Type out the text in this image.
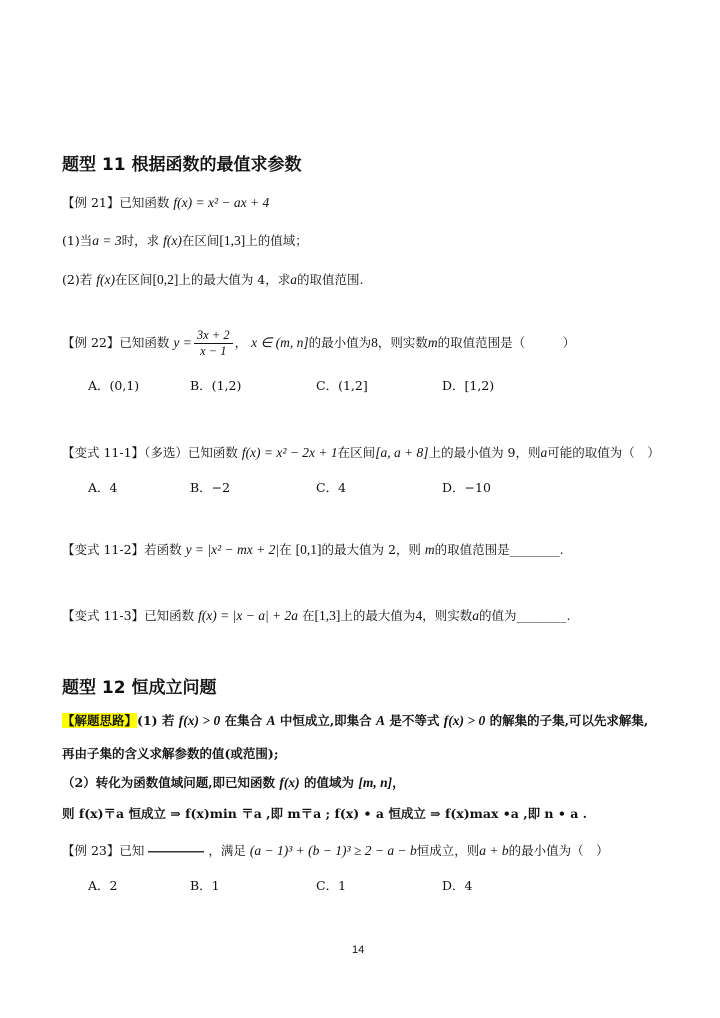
题型 11 根据函数的最值求参数
【例 21】已知函数 f(x) = x² − ax + 4
(1)当a = 3时，求 f(x)在区间[1,3]上的值域；
(2)若 f(x)在区间[0,2]上的最大值为 4，求a的取值范围.
【例 22】已知函数 $y = \frac{3x + 2}{x - 1}$ ， x ∈ (m, n]的最小值为8，则实数m的取值范围是（　　　）
A．(0,1)	B．(1,2)	C．(1,2]	D．[1,2)
【变式 11-1】（多选）已知函数 f(x) = x² − 2x + 1在区间[a, a + 8]上的最小值为 9，则a可能的取值为（　）
A．4	B．−2	C．4	D．−10
【变式 11-2】若函数 y = |x² − mx + 2|在 [0,1]的最大值为 2，则 m的取值范围是________.
【变式 11-3】已知函数 f(x) = |x − a| + 2a 在[1,3]上的最大值为4，则实数a的值为________.
题型 12 恒成立问题
【解题思路】(1) 若 f(x) > 0 在集合 A 中恒成立,即集合 A 是不等式 f(x) > 0 的解集的子集,可以先求解集,
再由子集的含义求解参数的值(或范围);
（2）转化为函数值域问题,即已知函数 f(x) 的值域为 [m, n]，
则 f(x)〒a 恒成立 ⇒ f(x)min 〒a ,即 m〒a ; f(x) • a 恒成立 ⇒ f(x)max •a ,即 n • a .
【例 23】已知	，满足 (a − 1)³ + (b − 1)³ ≥ 2 − a − b恒成立，则a + b的最小值为（　）
A．2	B．1	C．1	D．4
14
